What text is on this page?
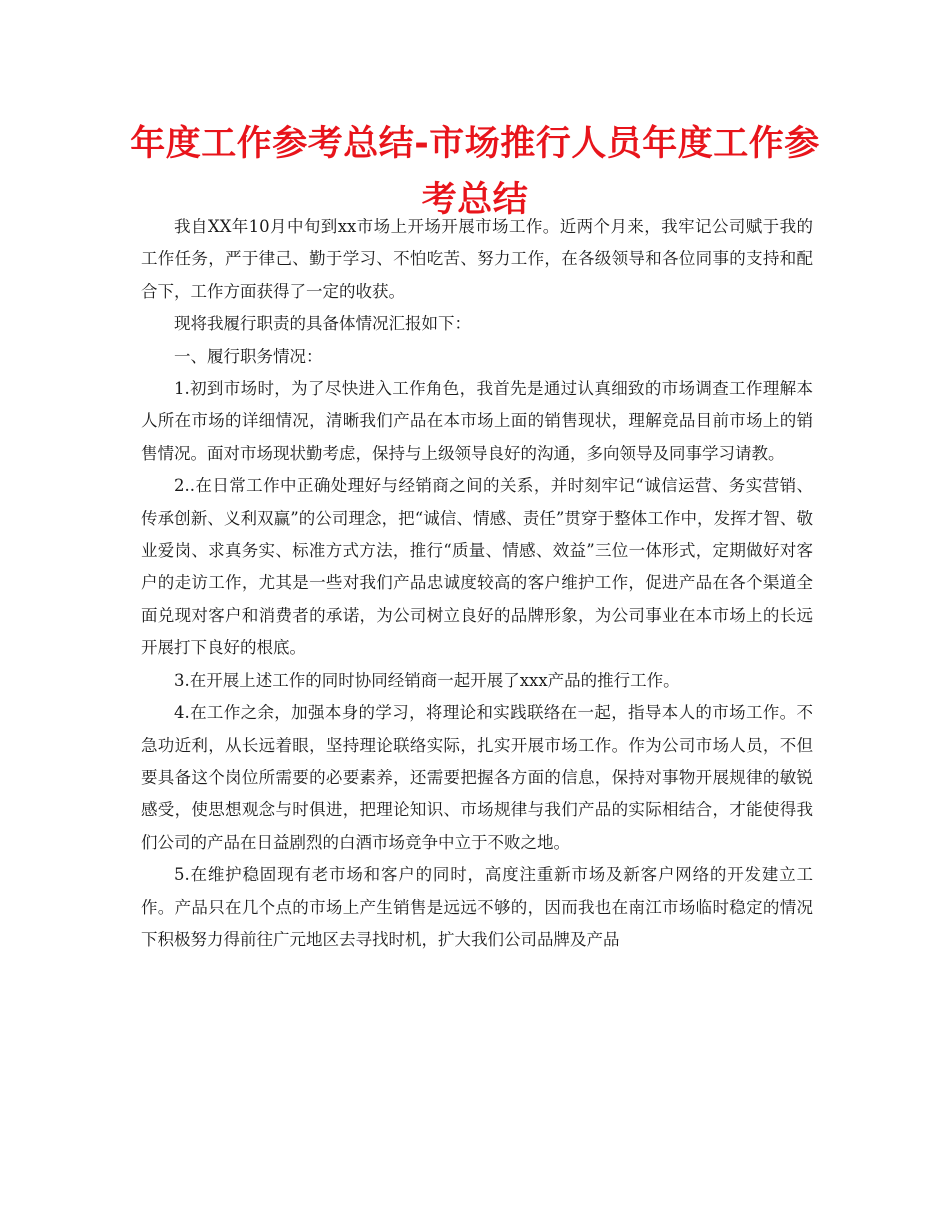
年度工作参考总结-市场推行人员年度工作参考总结

我自XX年10月中旬到xx市场上开场开展市场工作。近两个月来，我牢记公司赋于我的工作任务，严于律己、勤于学习、不怕吃苦、努力工作，在各级领导和各位同事的支持和配合下，工作方面获得了一定的收获。

现将我履行职责的具备体情况汇报如下：

一、履行职务情况：

1.初到市场时，为了尽快进入工作角色，我首先是通过认真细致的市场调查工作理解本人所在市场的详细情况，清晰我们产品在本市场上面的销售现状，理解竞品目前市场上的销售情况。面对市场现状勤考虑，保持与上级领导良好的沟通，多向领导及同事学习请教。

2..在日常工作中正确处理好与经销商之间的关系，并时刻牢记“诚信运营、务实营销、传承创新、义利双赢”的公司理念，把“诚信、情感、责任”贯穿于整体工作中，发挥才智、敬业爱岗、求真务实、标准方式方法，推行“质量、情感、效益”三位一体形式，定期做好对客户的走访工作，尤其是一些对我们产品忠诚度较高的客户维护工作，促进产品在各个渠道全面兑现对客户和消费者的承诺，为公司树立良好的品牌形象，为公司事业在本市场上的长远开展打下良好的根底。

3.在开展上述工作的同时协同经销商一起开展了xxx产品的推行工作。

4.在工作之余，加强本身的学习，将理论和实践联络在一起，指导本人的市场工作。不急功近利，从长远着眼，坚持理论联络实际，扎实开展市场工作。作为公司市场人员，不但要具备这个岗位所需要的必要素养，还需要把握各方面的信息，保持对事物开展规律的敏锐感受，使思想观念与时俱进，把理论知识、市场规律与我们产品的实际相结合，才能使得我们公司的产品在日益剧烈的白酒市场竞争中立于不败之地。

5.在维护稳固现有老市场和客户的同时，高度注重新市场及新客户网络的开发建立工作。产品只在几个点的市场上产生销售是远远不够的，因而我也在南江市场临时稳定的情况下积极努力得前往广元地区去寻找时机，扩大我们公司品牌及产品
